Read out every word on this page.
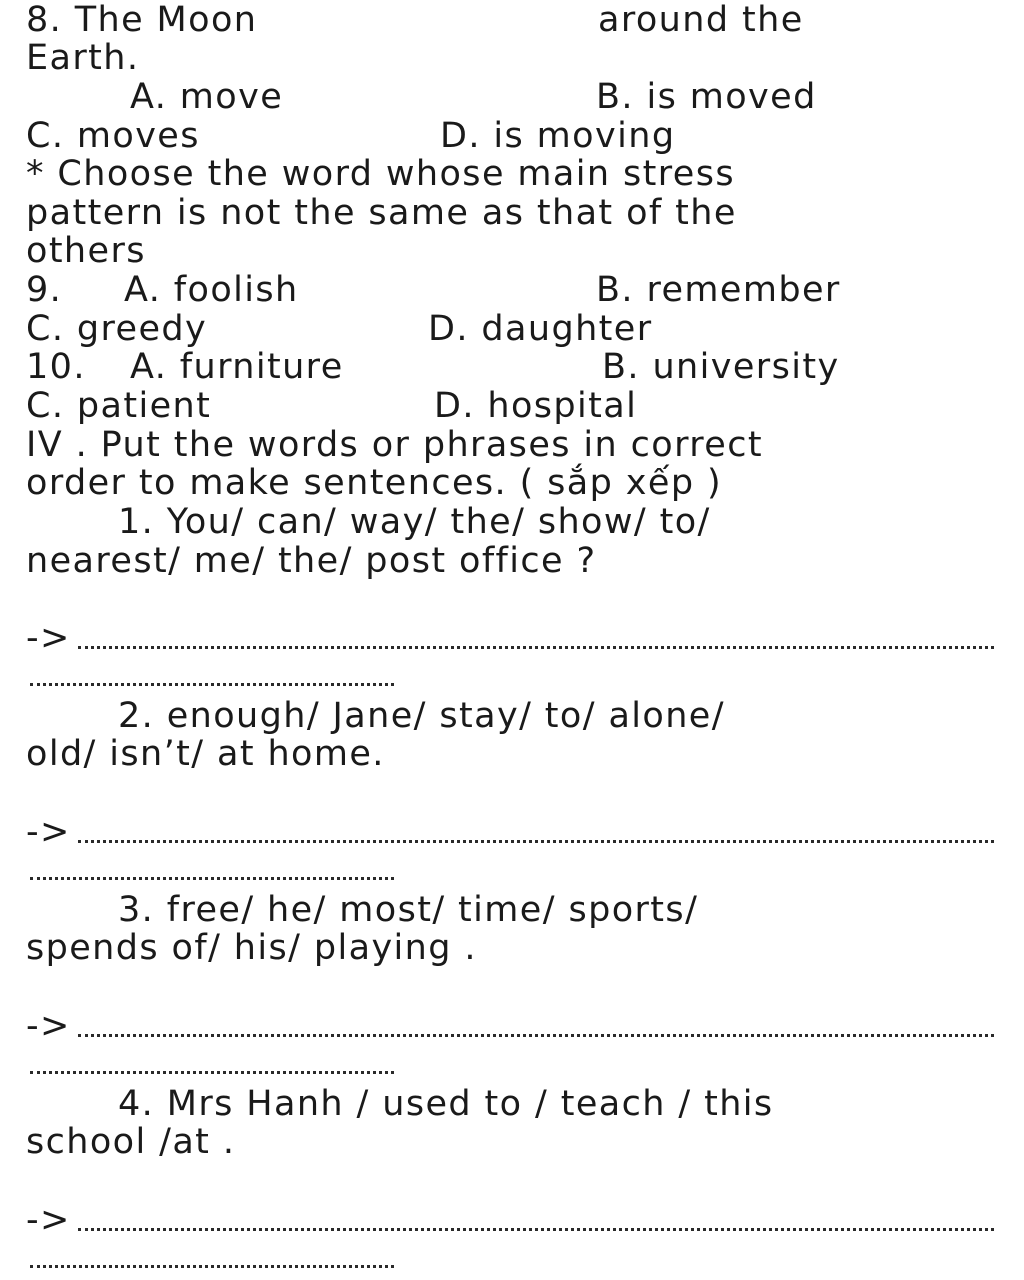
8. The Moon	around the
Earth.
A. move	B. is moved
C. moves	D. is moving
* Choose the word whose main stress
pattern is not the same as that of the
others
9. A. foolish	B. remember
C. greedy	D. daughter
10. A. furniture	B. university
C. patient	D. hospital
IV . Put the words or phrases in correct
order to make sentences. ( sắp xếp )
1. You/ can/ way/ the/ show/ to/
nearest/ me/ the/ post office ?
->
2. enough/ Jane/ stay/ to/ alone/
old/ isn’t/ at home.
->
3. free/ he/ most/ time/ sports/
spends of/ his/ playing .
->
4. Mrs Hanh / used to / teach / this
school /at .
->
